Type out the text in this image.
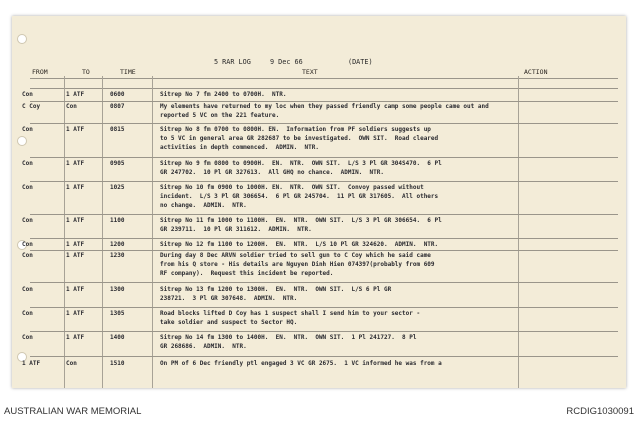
5 RAR LOG	9 Dec 66	(DATE)
FROM	TO	TIME	TEXT	ACTION
Con	1 ATF	0600	Sitrep No 7 fm 2400 to 0700H.  NTR.
C Coy	Con	0807	My elements have returned to my loc when they passed friendly camp some people came out and
reported 5 VC on the 221 feature.
Con	1 ATF	0815	Sitrep No 8 fm 0700 to 0800H. EN.  Information from PF soldiers suggests up
to 5 VC in general area GR 282687 to be investigated.  OWN SIT.  Road cleared
activities in depth commenced.  ADMIN.  NTR.
Con	1 ATF	0905	Sitrep No 9 fm 0800 to 0900H.  EN.  NTR.  OWN SIT.  L/S 3 Pl GR 304S470.  6 Pl
GR 247702.  10 Pl GR 327613.  All GHQ no chance.  ADMIN.  NTR.
Con	1 ATF	1025	Sitrep No 10 fm 0900 to 1000H. EN.  NTR.  OWN SIT.  Convoy passed without
incident.  L/S 3 Pl GR 306654.  6 Pl GR 245704.  11 Pl GR 317605.  All others
no change.  ADMIN.  NTR.
Con	1 ATF	1100	Sitrep No 11 fm 1000 to 1100H.  EN.  NTR.  OWN SIT.  L/S 3 Pl GR 306654.  6 Pl
GR 239711.  10 Pl GR 311612.  ADMIN.  NTR.
Con	1 ATF	1200	Sitrep No 12 fm 1100 to 1200H.  EN.  NTR.  L/S 10 Pl GR 324620.  ADMIN.  NTR.
Con	1 ATF	1230	During day 8 Dec ARVN soldier tried to sell gun to C Coy which he said came
from his Q store - His details are Nguyen Dinh Hien 074397(probably from 609
RF company).  Request this incident be reported.
Con	1 ATF	1300	Sitrep No 13 fm 1200 to 1300H.  EN.  NTR.  OWN SIT.  L/S 6 Pl GR
238721.  3 Pl GR 307648.  ADMIN.  NTR.
Con	1 ATF	1305	Road blocks lifted D Coy has 1 suspect shall I send him to your sector -
take soldier and suspect to Sector HQ.
Con	1 ATF	1400	Sitrep No 14 fm 1300 to 1400H.  EN.  NTR.  OWN SIT.  1 Pl 241727.  8 Pl
GR 268686.  ADMIN.  NTR.
1 ATF	Con	1510	On PM of 6 Dec friendly ptl engaged 3 VC GR 2675.  1 VC informed he was from a
AUSTRALIAN WAR MEMORIAL	RCDIG1030091
